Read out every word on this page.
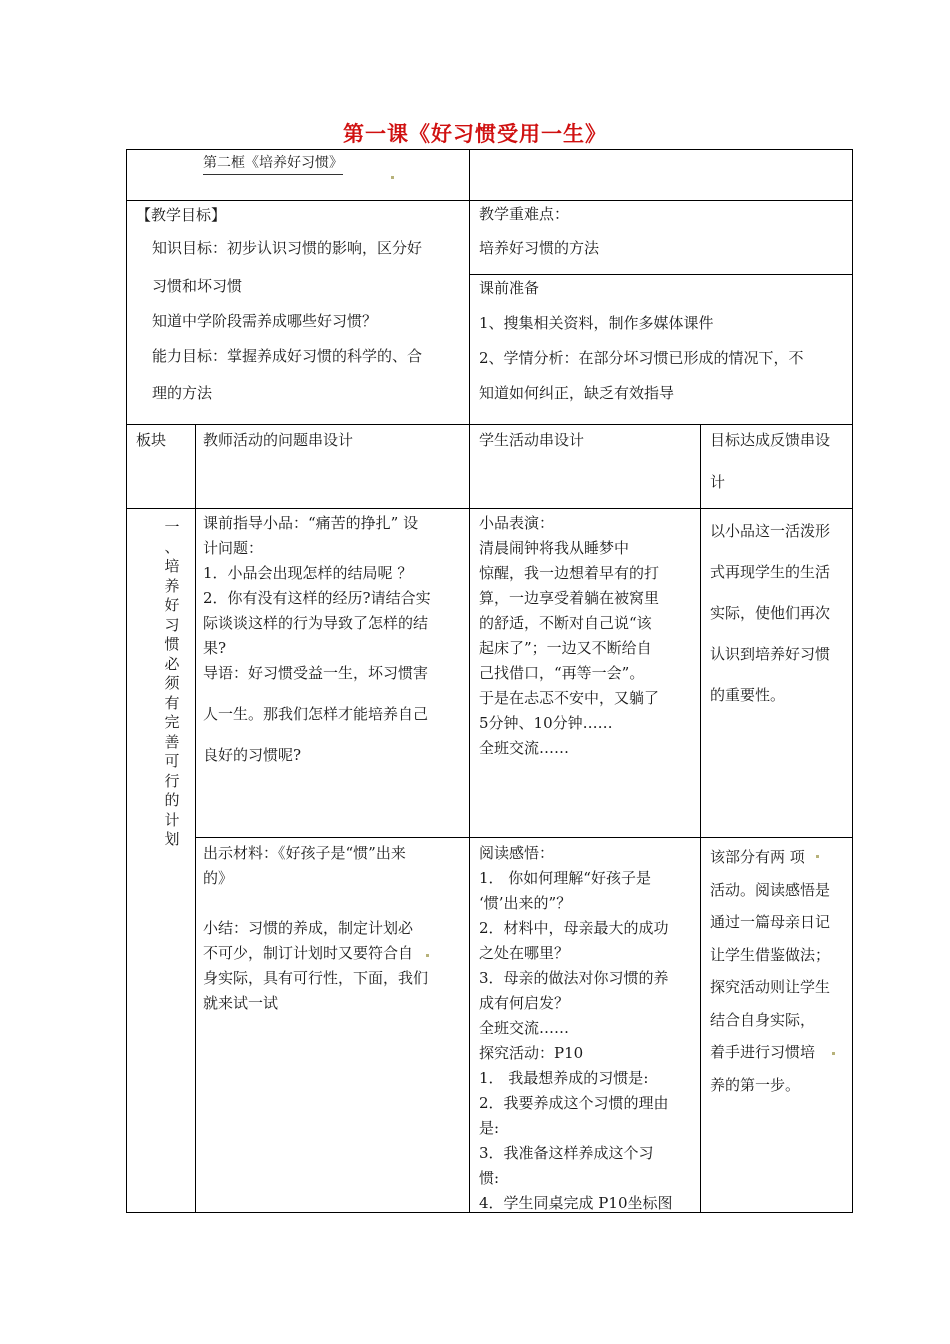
第一课《好习惯受用一生》
第二框《培养好习惯》
【教学目标】
知识目标：初步认识习惯的影响，区分好
习惯和坏习惯
知道中学阶段需养成哪些好习惯？
能力目标：掌握养成好习惯的科学的、合
理的方法
教学重难点：
培养好习惯的方法
课前准备
1、搜集相关资料，制作多媒体课件
2、学情分析：在部分坏习惯已形成的情况下，不
知道如何纠正，缺乏有效指导
板块 教师活动的问题串设计	学生活动串设计	目标达成反馈串设
计
一
、
培
养
好
习
惯
必
须
有
完
善
可
行
的
计
划
课前指导小品：“痛苦的挣扎” 设
计问题：
1．小品会出现怎样的结局呢 ？
2．你有没有这样的经历?请结合实
际谈谈这样的行为导致了怎样的结
果?
导语：好习惯受益一生，坏习惯害
人一生。那我们怎样才能培养自己
良好的习惯呢?
小品表演：
清晨闹钟将我从睡梦中
惊醒，我一边想着早有的打
算，一边享受着躺在被窝里
的舒适，不断对自己说“该
起床了”；一边又不断给自
己找借口，“再等一会”。
于是在忐忑不安中，又躺了
5分钟、10分钟……
全班交流……
以小品这一活泼形
式再现学生的生活
实际，使他们再次
认识到培养好习惯
的重要性。
出示材料：《好孩子是“惯”出来
的》
小结：习惯的养成，制定计划必
不可少，制订计划时又要符合自
身实际，具有可行性，下面，我们
就来试一试
阅读感悟：
1． 你如何理解“好孩子是
‘惯’出来的”？
2．材料中，母亲最大的成功
之处在哪里？
3．母亲的做法对你习惯的养
成有何启发？
全班交流……
探究活动：P10
1． 我最想养成的习惯是:
2．我要养成这个习惯的理由
是:
3．我准备这样养成这个习
惯:
4．学生同桌完成 P10坐标图
该部分有两 项
活动。阅读感悟是
通过一篇母亲日记
让学生借鉴做法；
探究活动则让学生
结合自身实际，
着手进行习惯培
养的第一步。
